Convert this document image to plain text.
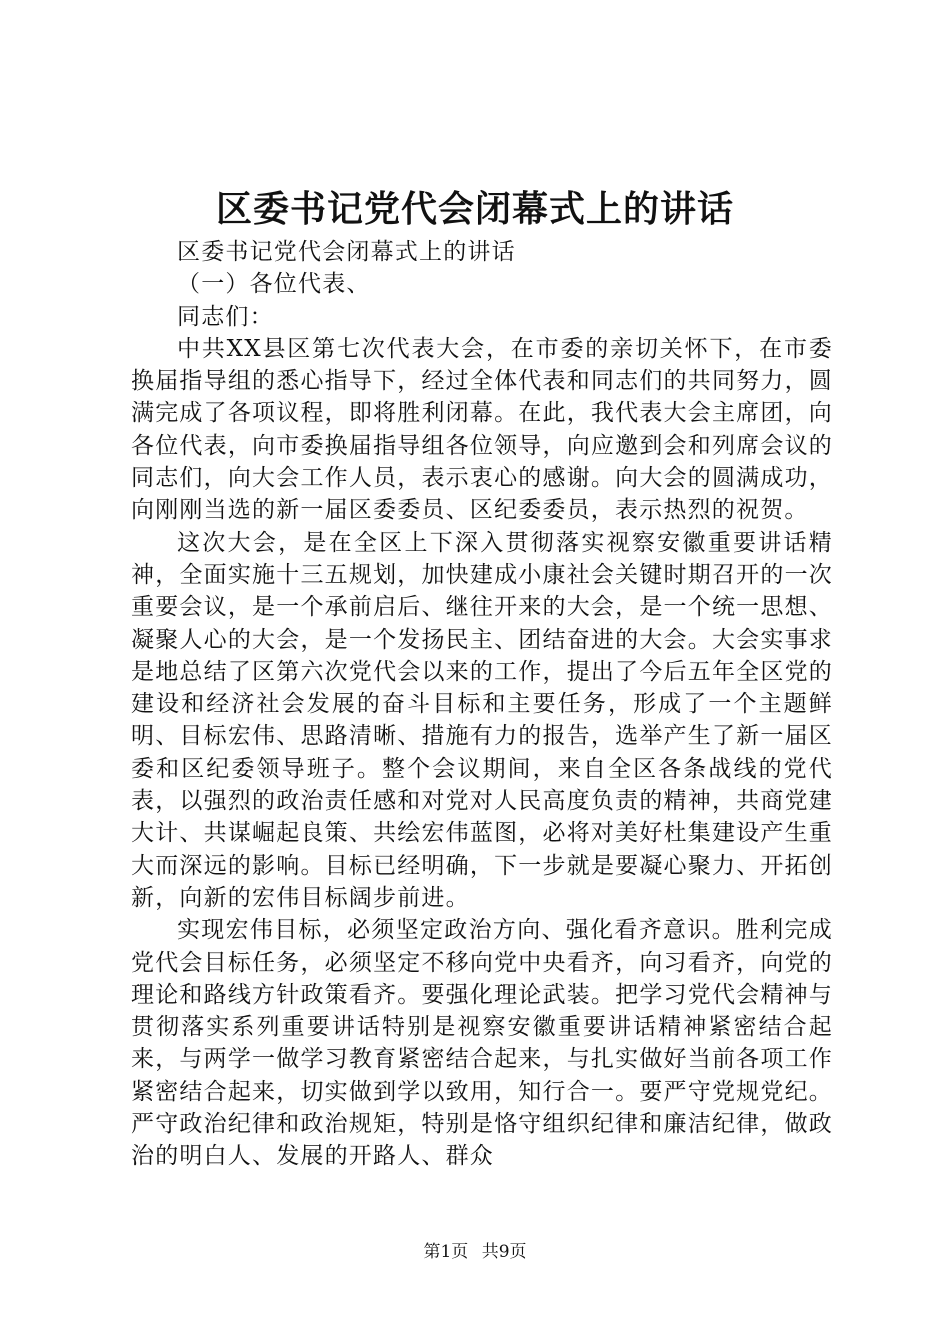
区委书记党代会闭幕式上的讲话

区委书记党代会闭幕式上的讲话

（一）各位代表、

同志们：

中共XX县区第七次代表大会，在市委的亲切关怀下，在市委换届指导组的悉心指导下，经过全体代表和同志们的共同努力，圆满完成了各项议程，即将胜利闭幕。在此，我代表大会主席团，向各位代表，向市委换届指导组各位领导，向应邀到会和列席会议的同志们，向大会工作人员，表示衷心的感谢。向大会的圆满成功，向刚刚当选的新一届区委委员、区纪委委员，表示热烈的祝贺。

这次大会，是在全区上下深入贯彻落实视察安徽重要讲话精神，全面实施十三五规划，加快建成小康社会关键时期召开的一次重要会议，是一个承前启后、继往开来的大会，是一个统一思想、凝聚人心的大会，是一个发扬民主、团结奋进的大会。大会实事求是地总结了区第六次党代会以来的工作，提出了今后五年全区党的建设和经济社会发展的奋斗目标和主要任务，形成了一个主题鲜明、目标宏伟、思路清晰、措施有力的报告，选举产生了新一届区委和区纪委领导班子。整个会议期间，来自全区各条战线的党代表，以强烈的政治责任感和对党对人民高度负责的精神，共商党建大计、共谋崛起良策、共绘宏伟蓝图，必将对美好杜集建设产生重大而深远的影响。目标已经明确，下一步就是要凝心聚力、开拓创新，向新的宏伟目标阔步前进。

实现宏伟目标，必须坚定政治方向、强化看齐意识。胜利完成党代会目标任务，必须坚定不移向党中央看齐，向习看齐，向党的理论和路线方针政策看齐。要强化理论武装。把学习党代会精神与贯彻落实系列重要讲话特别是视察安徽重要讲话精神紧密结合起来，与两学一做学习教育紧密结合起来，与扎实做好当前各项工作紧密结合起来，切实做到学以致用，知行合一。要严守党规党纪。严守政治纪律和政治规矩，特别是恪守组织纪律和廉洁纪律，做政治的明白人、发展的开路人、群众

第1页 共9页
